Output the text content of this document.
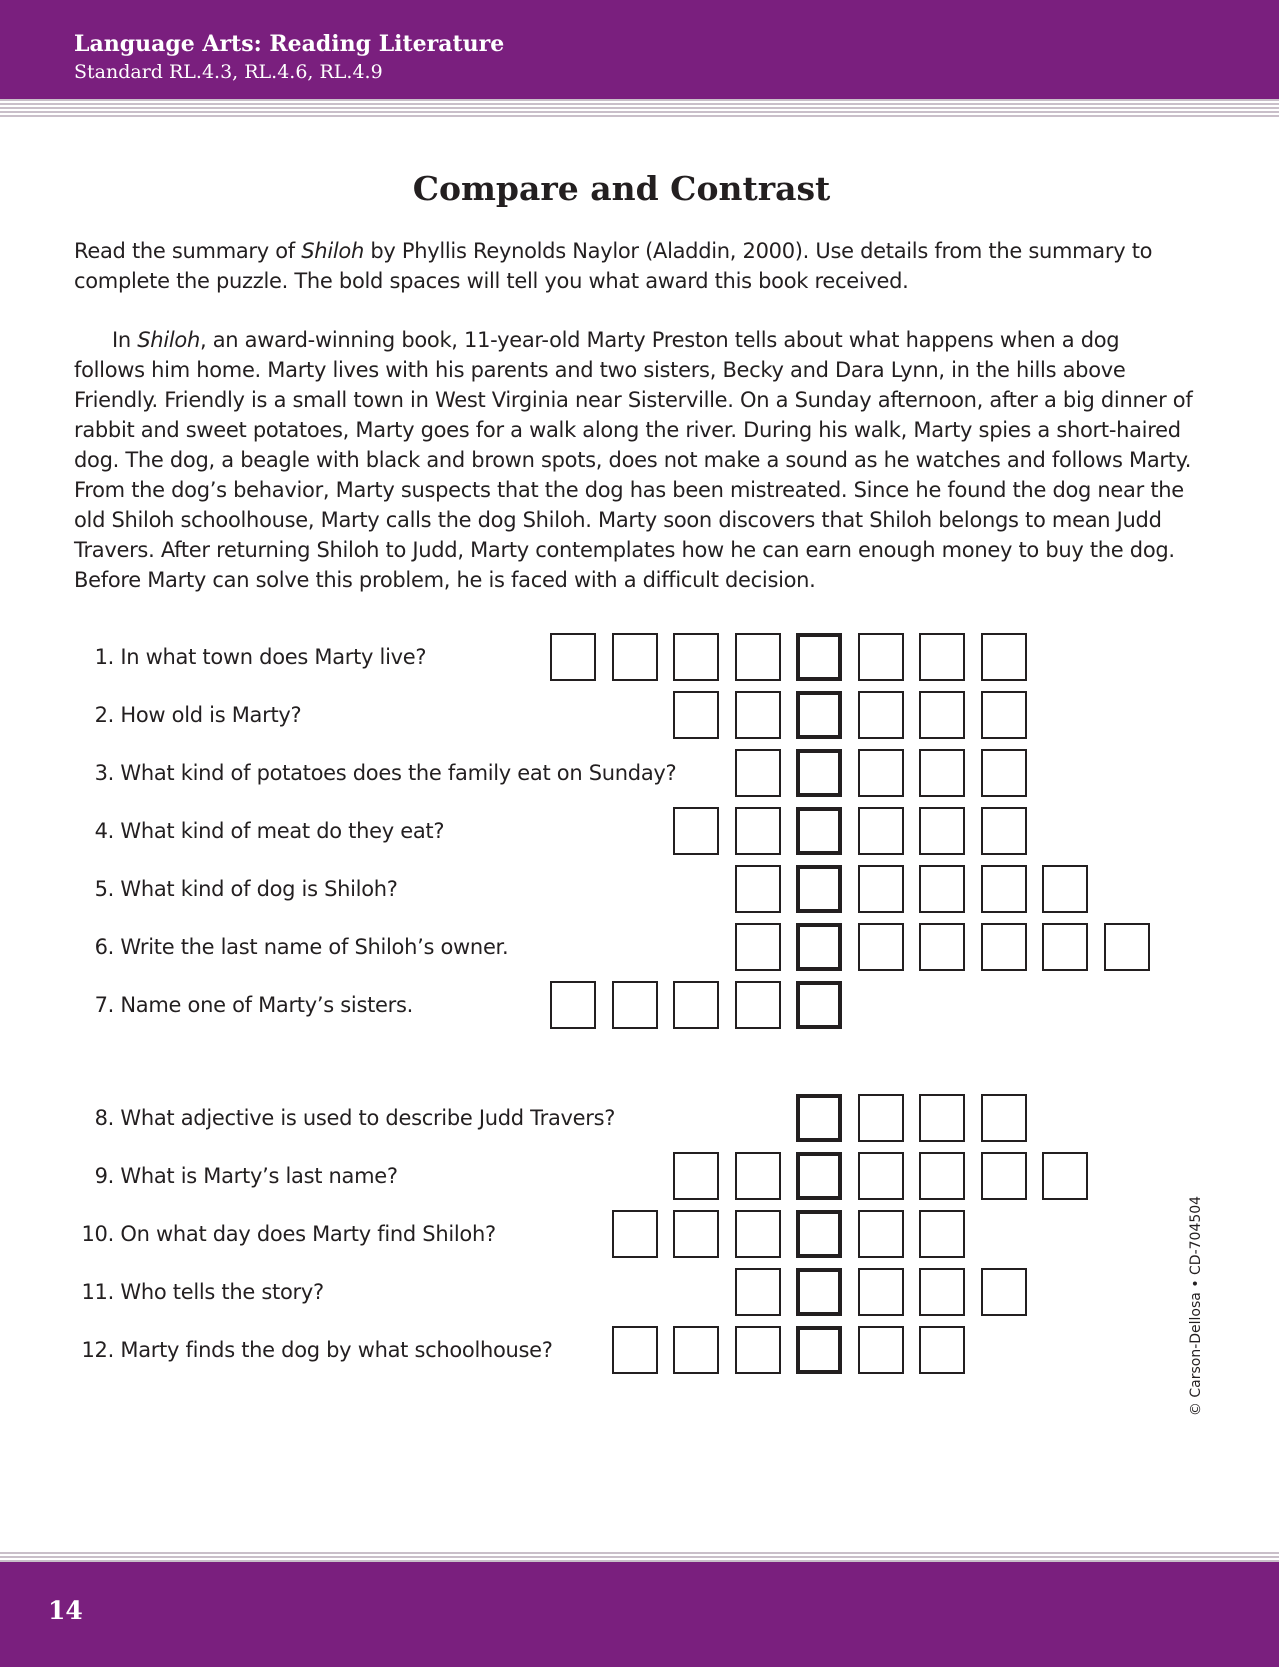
Language Arts: Reading Literature
Standard RL.4.3, RL.4.6, RL.4.9
Compare and Contrast

Read the summary of Shiloh by Phyllis Reynolds Naylor (Aladdin, 2000). Use details from the summary to complete the puzzle. The bold spaces will tell you what award this book received.

In Shiloh, an award-winning book, 11-year-old Marty Preston tells about what happens when a dog follows him home. Marty lives with his parents and two sisters, Becky and Dara Lynn, in the hills above Friendly. Friendly is a small town in West Virginia near Sisterville. On a Sunday afternoon, after a big dinner of rabbit and sweet potatoes, Marty goes for a walk along the river. During his walk, Marty spies a short-haired dog. The dog, a beagle with black and brown spots, does not make a sound as he watches and follows Marty. From the dog’s behavior, Marty suspects that the dog has been mistreated. Since he found the dog near the old Shiloh schoolhouse, Marty calls the dog Shiloh. Marty soon discovers that Shiloh belongs to mean Judd Travers. After returning Shiloh to Judd, Marty contemplates how he can earn enough money to buy the dog. Before Marty can solve this problem, he is faced with a difficult decision.

1. In what town does Marty live?
2. How old is Marty?
3. What kind of potatoes does the family eat on Sunday?
4. What kind of meat do they eat?
5. What kind of dog is Shiloh?
6. Write the last name of Shiloh’s owner.
7. Name one of Marty’s sisters.
8. What adjective is used to describe Judd Travers?
9. What is Marty’s last name?
10. On what day does Marty find Shiloh?
11. Who tells the story?
12. Marty finds the dog by what schoolhouse?	© Carson-Dellosa • CD-704504
14
